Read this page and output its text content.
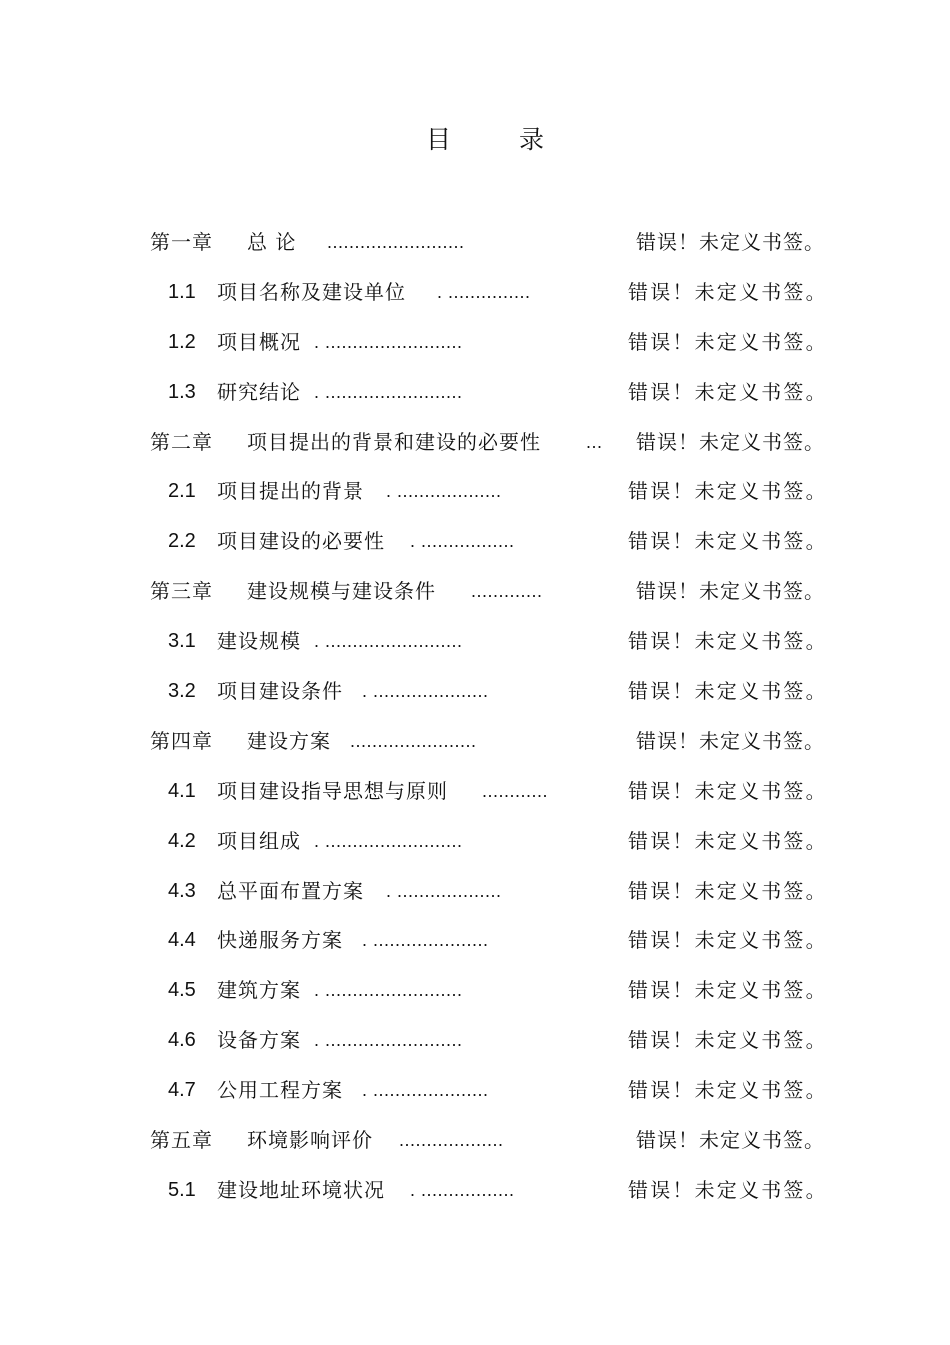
目 录
第一章 总 论 .........................	错误！未定义书签。
1.1 项目名称及建设单位 . ...............	错误！未定义书签。
1.2 项目概况 . .........................	错误！未定义书签。
1.3 研究结论 . .........................	错误！未定义书签。
第二章 项目提出的背景和建设的必要性	... 错误！未定义书签。
2.1 项目提出的背景 . ...................	错误！未定义书签。
2.2 项目建设的必要性 . .................	错误！未定义书签。
第三章 建设规模与建设条件 .............	错误！未定义书签。
3.1 建设规模 . .........................	错误！未定义书签。
3.2 项目建设条件 . .....................	错误！未定义书签。
第四章 建设方案 .......................	错误！未定义书签。
4.1 项目建设指导思想与原则 ............	错误！未定义书签。
4.2 项目组成 . .........................	错误！未定义书签。
4.3 总平面布置方案 . ...................	错误！未定义书签。
4.4 快递服务方案 . .....................	错误！未定义书签。
4.5 建筑方案 . .........................	错误！未定义书签。
4.6 设备方案 . .........................	错误！未定义书签。
4.7 公用工程方案 . .....................	错误！未定义书签。
第五章 环境影响评价 ...................	错误！未定义书签。
5.1 建设地址环境状况 . .................	错误！未定义书签。
